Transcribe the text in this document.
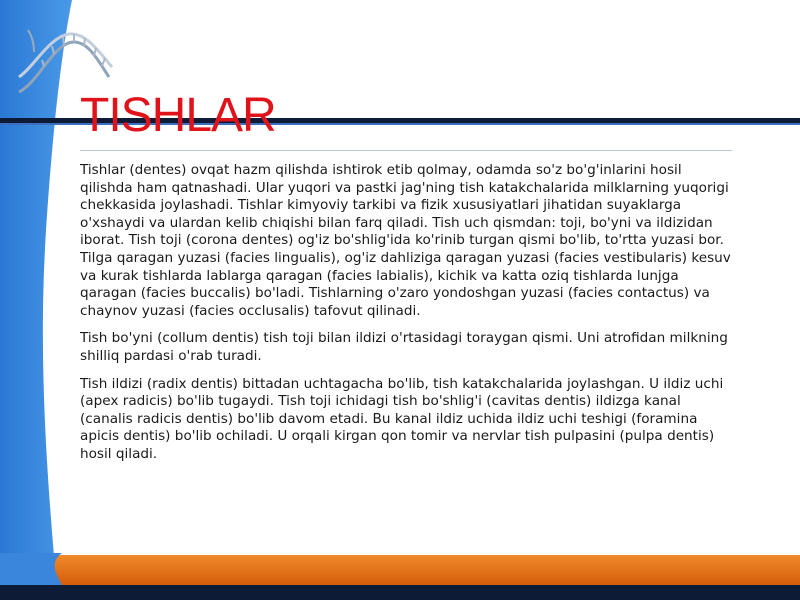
TISHLAR

Tishlar (dentes) ovqat hazm qilishda ishtirok etib qolmay, odamda so'z bo'g'inlarini hosil qilishda ham qatnashadi. Ular yuqori va pastki jag'ning tish katakchalarida milklarning yuqorigi chekkasida joylashadi. Tishlar kimyoviy tarkibi va fizik xususiyatlari jihatidan suyaklarga o'xshaydi va ulardan kelib chiqishi bilan farq qiladi. Tish uch qismdan: toji, bo'yni va ildizidan iborat. Tish toji (corona dentes) og'iz bo'shlig'ida ko'rinib turgan qismi bo'lib, to'rtta yuzasi bor. Tilga qaragan yuzasi (facies lingualis), og'iz dahliziga qaragan yuzasi (facies vestibularis) kesuv va kurak tishlarda lablarga qaragan (facies labialis), kichik va katta oziq tishlarda lunjga qaragan (facies buccalis) bo'ladi. Tishlarning o'zaro yondoshgan yuzasi (facies contactus) va chaynov yuzasi (facies occlusalis) tafovut qilinadi.

Tish bo'yni (collum dentis) tish toji bilan ildizi o'rtasidagi toraygan qismi. Uni atrofidan milkning shilliq pardasi o'rab turadi.

Tish ildizi (radix dentis) bittadan uchtagacha bo'lib, tish katakchalarida joylashgan. U ildiz uchi (apex radicis) bo'lib tugaydi. Tish toji ichidagi tish bo'shlig'i (cavitas dentis) ildizga kanal (canalis radicis dentis) bo'lib davom etadi. Bu kanal ildiz uchida ildiz uchi teshigi (foramina apicis dentis) bo'lib ochiladi. U orqali kirgan qon tomir va nervlar tish pulpasini (pulpa dentis) hosil qiladi.
